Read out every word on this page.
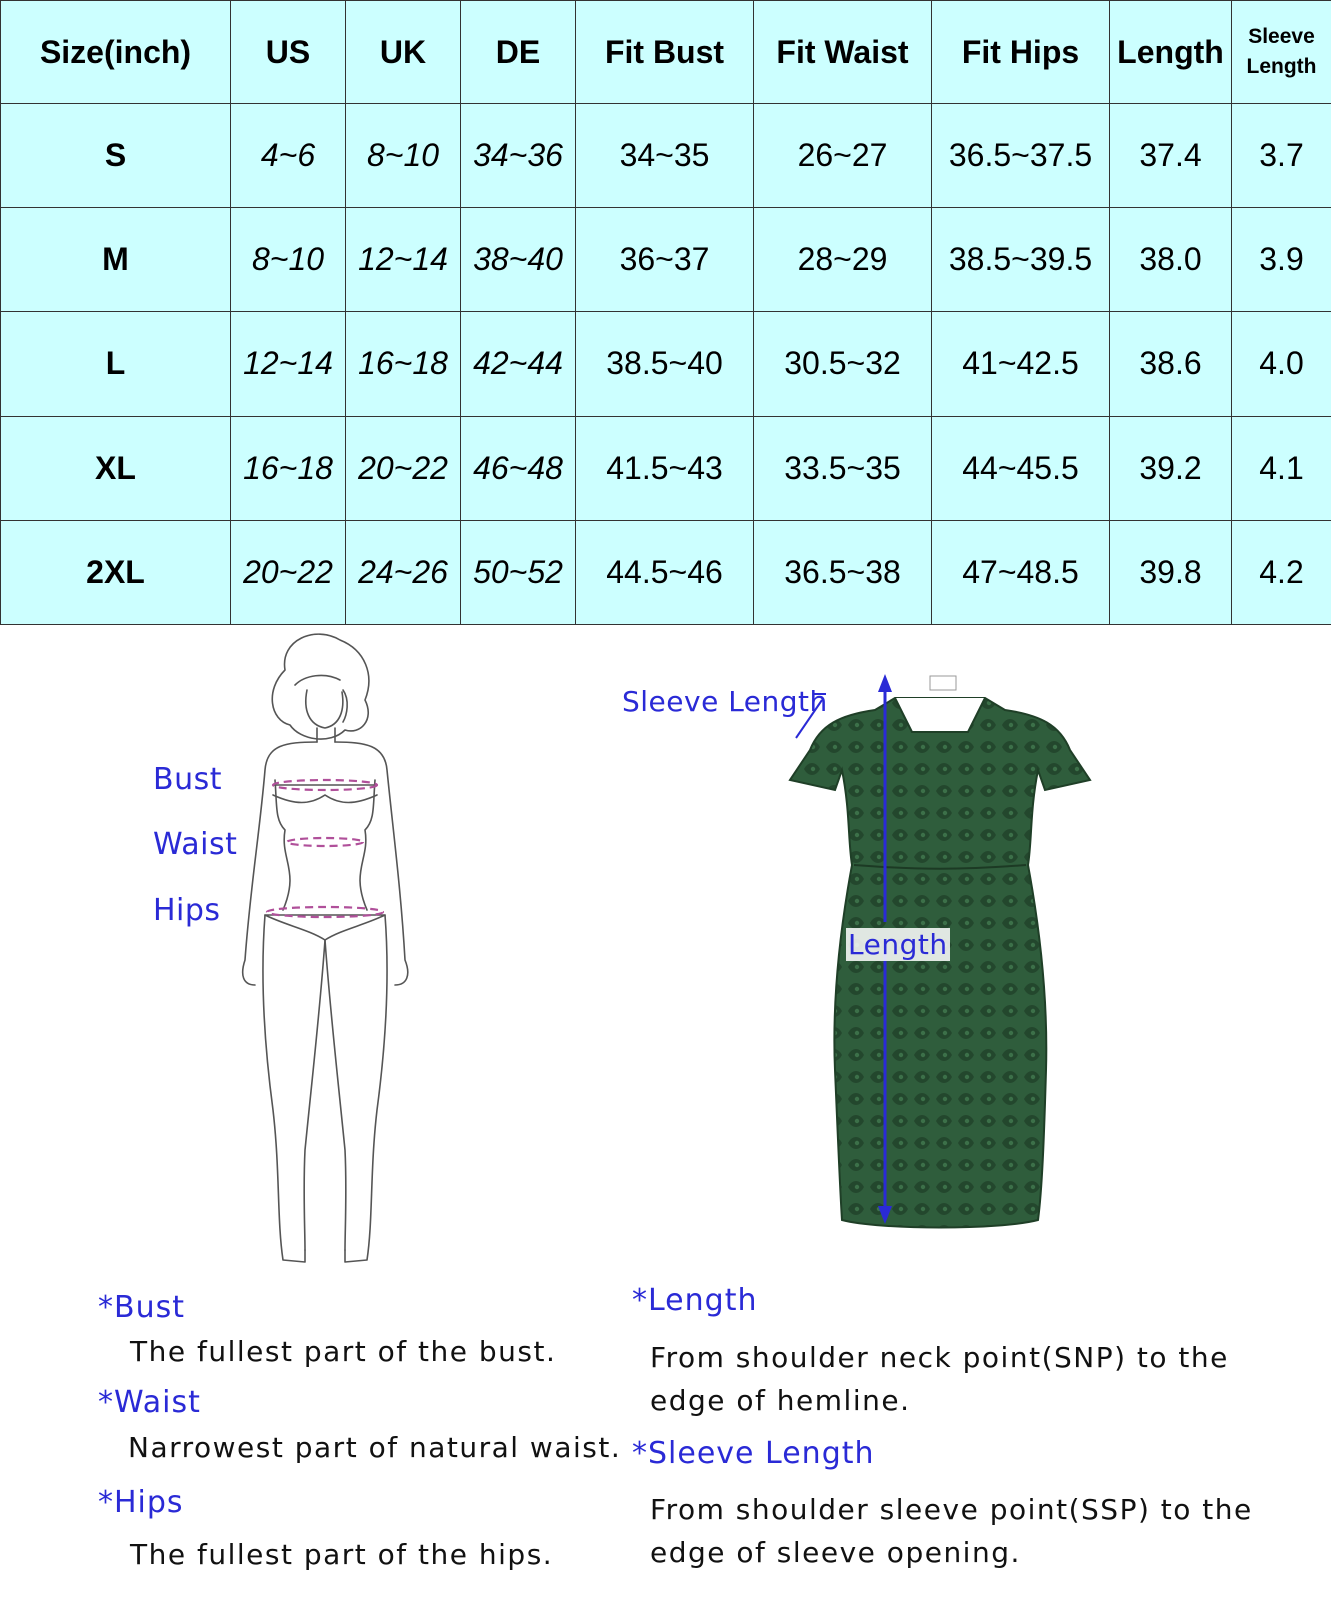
Size(inch)	US	UK	DE	Fit Bust	Fit Waist	Fit Hips	Length	Sleeve
Length
S	4~6	8~10	34~36	34~35	26~27	36.5~37.5	37.4	3.7
M	8~10	12~14	38~40	36~37	28~29	38.5~39.5	38.0	3.9
L	12~14	16~18	42~44	38.5~40	30.5~32	41~42.5	38.6	4.0
XL	16~18	20~22	46~48	41.5~43	33.5~35	44~45.5	39.2	4.1
2XL	20~22	24~26	50~52	44.5~46	36.5~38	47~48.5	39.8	4.2
Bust
Waist
Hips
Sleeve Length
Length
*Bust
The fullest part of the bust.
*Waist
Narrowest part of natural waist.
*Hips
The fullest part of the hips.
*Length
From shoulder neck point(SNP) to the
edge of hemline.
*Sleeve Length
From shoulder sleeve point(SSP) to the
edge of sleeve opening.
